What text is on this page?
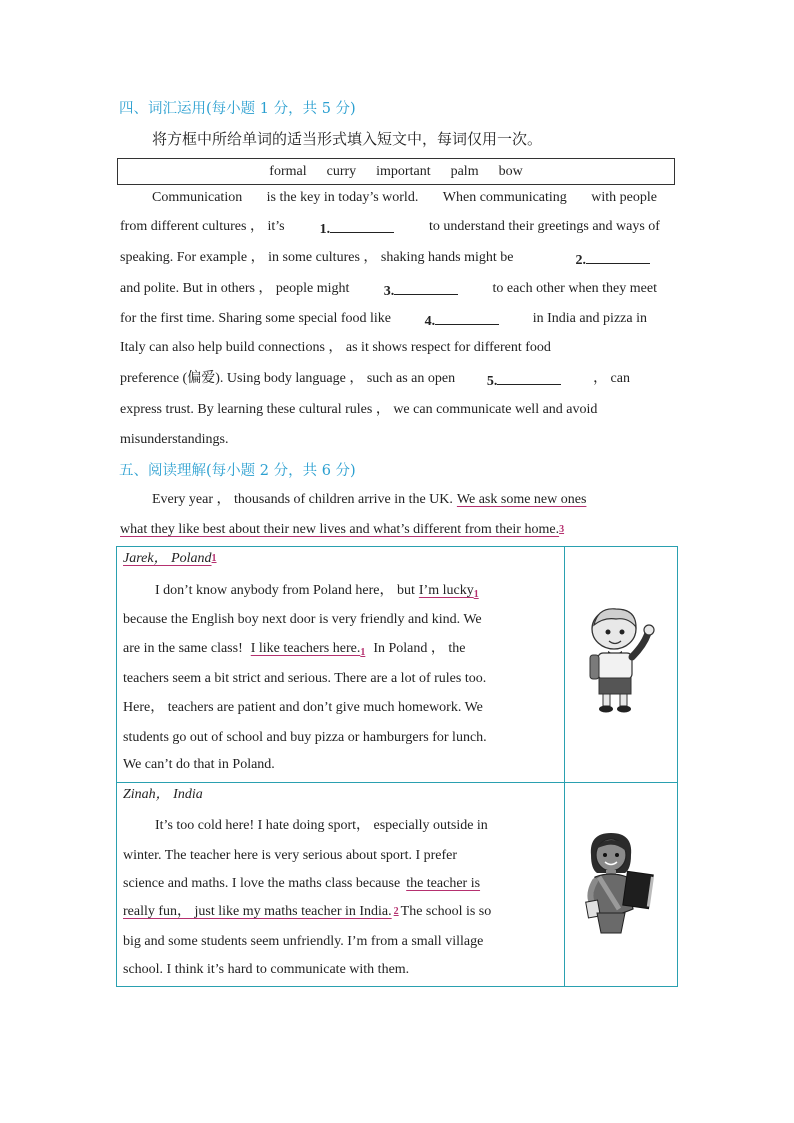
四、词汇运用(每小题 1 分，共 5 分)
将方框中所给单词的适当形式填入短文中，每词仅用一次。
formal curry important palm bow
Communication is the key in today’s world. When communicating with people
from different cultures ， it’s 1.	to understand their greetings and ways of
speaking. For example ， in some cultures ， shaking hands might be	2.
and polite. But in others ， people might 3.	to each other when they meet
for the first time. Sharing some special food like 4.	in India and pizza in
Italy can also help build connections ， as it shows respect for different food
preference (偏爱). Using body language ， such as an open 5.	， can
express trust. By learning these cultural rules ， we can communicate well and avoid
misunderstandings.
五、阅读理解(每小题 2 分，共 6 分)
Every year ， thousands of children arrive in the UK. We ask some new ones
what they like best about their new lives and what’s different from their home. 3
Jarek， Poland 1
I don’t know anybody from Poland here， but I’m lucky$_1$
because the English boy next door is very friendly and kind. We
are in the same class! I like teachers $here._1$ In Poland ， the
teachers seem a bit strict and serious. There are a lot of rules too.
Here， teachers are patient and don’t give much homework. We
students go out of school and buy pizza or hamburgers for lunch.
We can’t do that in Poland.
Zinah， India
It’s too cold here! I hate doing sport， especially outside in
winter. The teacher here is very serious about sport. I prefer
science and maths. I love the maths class because the teacher is
really fun， just like my maths teacher in India. 2 The school is so
big and some students seem unfriendly. I’m from a small village
school. I think it’s hard to communicate with them.
